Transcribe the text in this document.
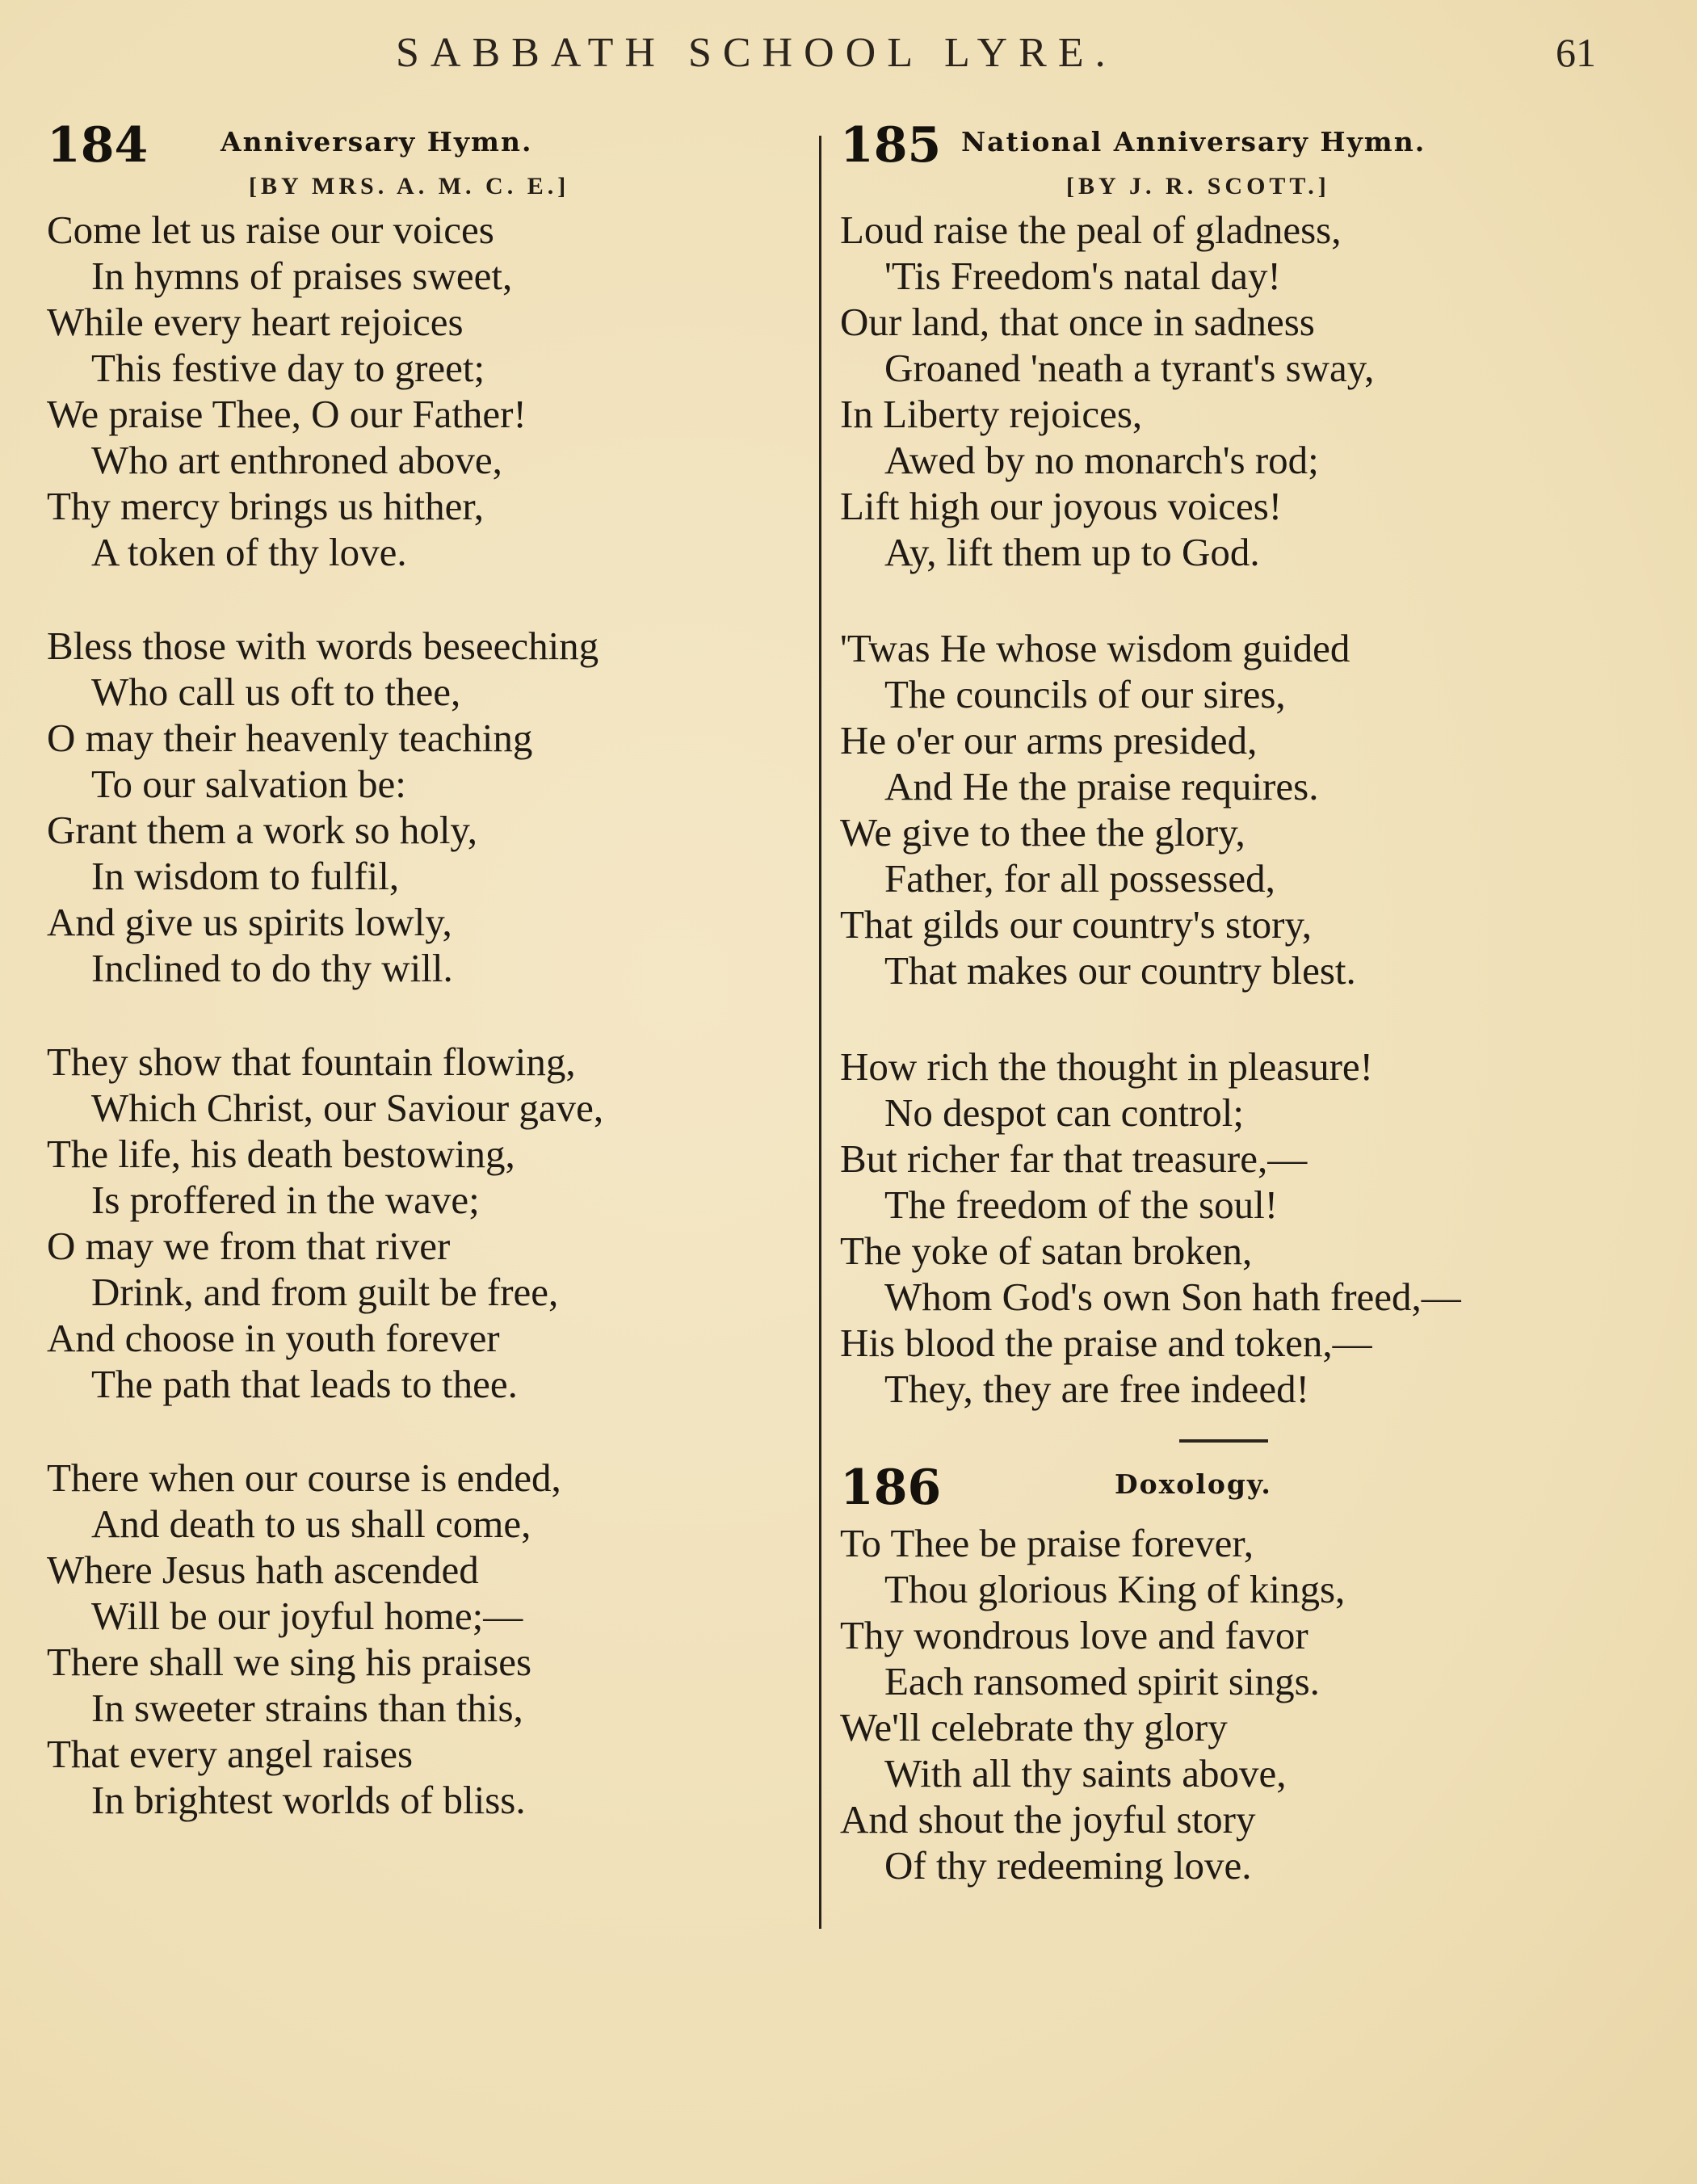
SABBATH SCHOOL LYRE.	61
184	Anniversary Hymn.
[BY MRS. A. M. C. E.]
Come let us raise our voices
In hymns of praises sweet,
While every heart rejoices
This festive day to greet;
We praise Thee, O our Father!
Who art enthroned above,
Thy mercy brings us hither,
A token of thy love.
Bless those with words beseeching
Who call us oft to thee,
O may their heavenly teaching
To our salvation be:
Grant them a work so holy,
In wisdom to fulfil,
And give us spirits lowly,
Inclined to do thy will.
They show that fountain flowing,
Which Christ, our Saviour gave,
The life, his death bestowing,
Is proffered in the wave;
O may we from that river
Drink, and from guilt be free,
And choose in youth forever
The path that leads to thee.
There when our course is ended,
And death to us shall come,
Where Jesus hath ascended
Will be our joyful home;—
There shall we sing his praises
In sweeter strains than this,
That every angel raises
In brightest worlds of bliss.
185 National Anniversary Hymn.
[BY J. R. SCOTT.]
Loud raise the peal of gladness,
'Tis Freedom's natal day!
Our land, that once in sadness
Groaned 'neath a tyrant's sway,
In Liberty rejoices,
Awed by no monarch's rod;
Lift high our joyous voices!
Ay, lift them up to God.
'Twas He whose wisdom guided
The councils of our sires,
He o'er our arms presided,
And He the praise requires.
We give to thee the glory,
Father, for all possessed,
That gilds our country's story,
That makes our country blest.
How rich the thought in pleasure!
No despot can control;
But richer far that treasure,—
The freedom of the soul!
The yoke of satan broken,
Whom God's own Son hath freed,—
His blood the praise and token,—
They, they are free indeed!
186	Doxology.
To Thee be praise forever,
Thou glorious King of kings,
Thy wondrous love and favor
Each ransomed spirit sings.
We'll celebrate thy glory
With all thy saints above,
And shout the joyful story
Of thy redeeming love.
